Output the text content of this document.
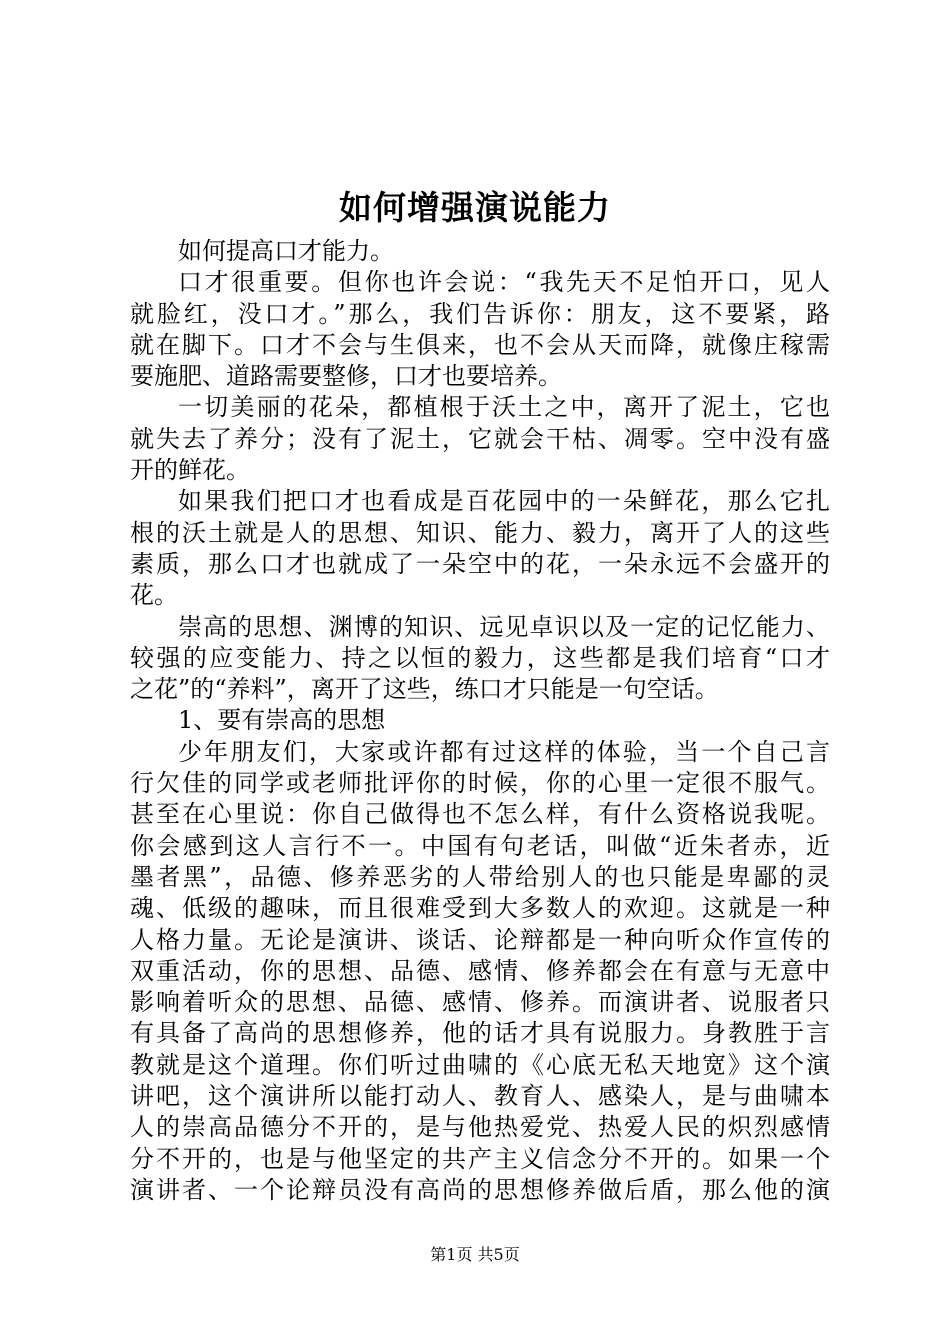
如何增强演说能力
如何提高口才能力。
口才很重要。但你也许会说：“我先天不足怕开口，见人
就脸红，没口才。”那么，我们告诉你：朋友，这不要紧，路
就在脚下。口才不会与生俱来，也不会从天而降，就像庄稼需
要施肥、道路需要整修，口才也要培养。
一切美丽的花朵，都植根于沃土之中，离开了泥土，它也
就失去了养分；没有了泥土，它就会干枯、凋零。空中没有盛
开的鲜花。
如果我们把口才也看成是百花园中的一朵鲜花，那么它扎
根的沃土就是人的思想、知识、能力、毅力，离开了人的这些
素质，那么口才也就成了一朵空中的花，一朵永远不会盛开的
花。
崇高的思想、渊博的知识、远见卓识以及一定的记忆能力、
较强的应变能力、持之以恒的毅力，这些都是我们培育“口才
之花”的“养料”，离开了这些，练口才只能是一句空话。
1、要有崇高的思想
少年朋友们，大家或许都有过这样的体验，当一个自己言
行欠佳的同学或老师批评你的时候，你的心里一定很不服气。
甚至在心里说：你自己做得也不怎么样，有什么资格说我呢。
你会感到这人言行不一。中国有句老话，叫做“近朱者赤，近
墨者黑”，品德、修养恶劣的人带给别人的也只能是卑鄙的灵
魂、低级的趣味，而且很难受到大多数人的欢迎。这就是一种
人格力量。无论是演讲、谈话、论辩都是一种向听众作宣传的
双重活动，你的思想、品德、感情、修养都会在有意与无意中
影响着听众的思想、品德、感情、修养。而演讲者、说服者只
有具备了高尚的思想修养，他的话才具有说服力。身教胜于言
教就是这个道理。你们听过曲啸的《心底无私天地宽》这个演
讲吧，这个演讲所以能打动人、教育人、感染人，是与曲啸本
人的崇高品德分不开的，是与他热爱党、热爱人民的炽烈感情
分不开的，也是与他坚定的共产主义信念分不开的。如果一个
演讲者、一个论辩员没有高尚的思想修养做后盾，那么他的演
第1页 共5页
